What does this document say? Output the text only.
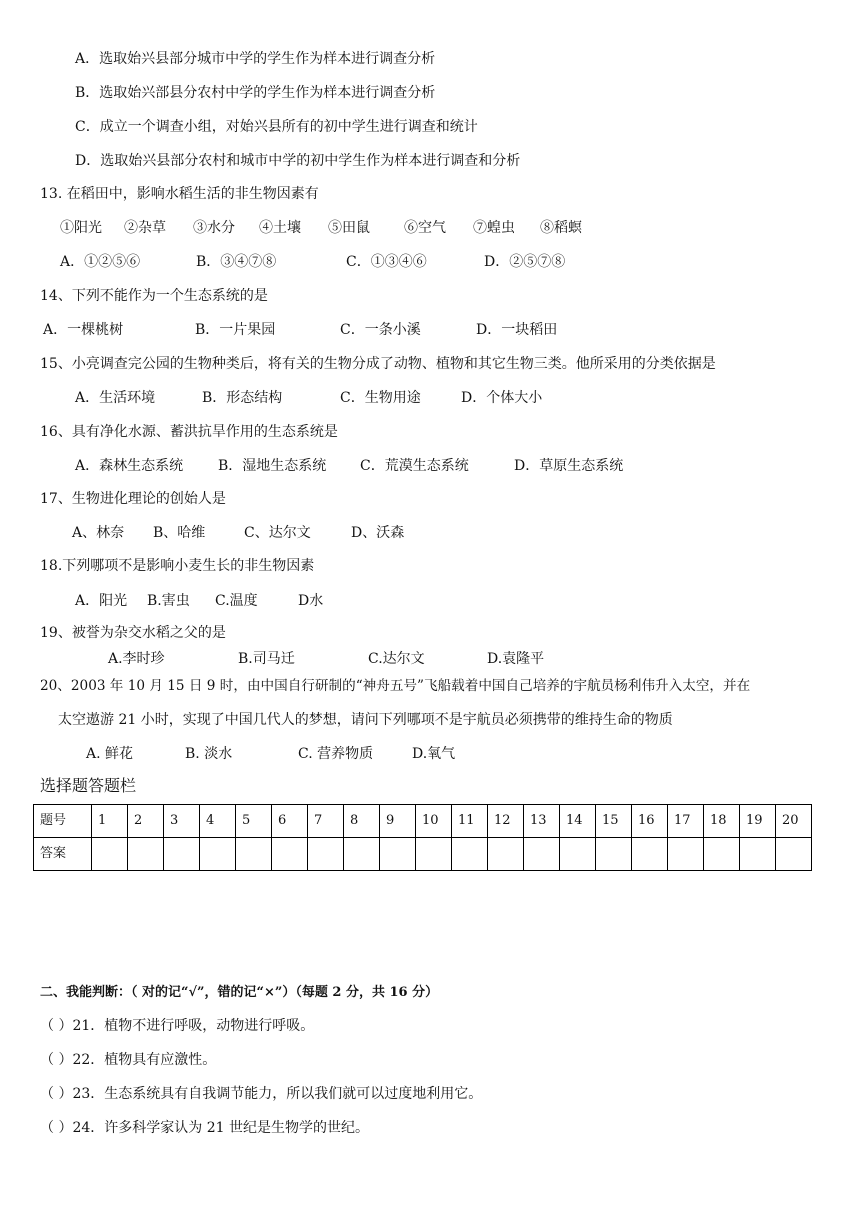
A．选取始兴县部分城市中学的学生作为样本进行调查分析
B．选取始兴部县分农村中学的学生作为样本进行调查分析
C．成立一个调查小组，对始兴县所有的初中学生进行调查和统计
D．选取始兴县部分农村和城市中学的初中学生作为样本进行调查和分析
13. 在稻田中，影响水稻生活的非生物因素有
①阳光 ②杂草 ③水分 ④土壤 ⑤田鼠 ⑥空气 ⑦蝗虫 ⑧稻螟
A．①②⑤⑥	B．③④⑦⑧	C．①③④⑥	D．②⑤⑦⑧
14、下列不能作为一个生态系统的是
A．一棵桃树	B．一片果园	C．一条小溪	D．一块稻田
15、小亮调查完公园的生物种类后，将有关的生物分成了动物、植物和其它生物三类。他所采用的分类依据是
A．生活环境	B．形态结构	C．生物用途	D．个体大小
16、具有净化水源、蓄洪抗旱作用的生态系统是
A．森林生态系统 B．湿地生态系统 C．荒漠生态系统	D．草原生态系统
17、生物进化理论的创始人是
A、林奈 B、哈维	C、达尔文	D、沃森
18.下列哪项不是影响小麦生长的非生物因素
A．阳光 B.害虫 C.温度	D水
19、被誉为杂交水稻之父的是
A.李时珍	B.司马迁	C.达尔文	D.袁隆平
20、2003 年 10 月 15 日 9 时，由中国自行研制的“神舟五号”飞船载着中国自己培养的宇航员杨利伟升入太空，并在
太空遨游 21 小时，实现了中国几代人的梦想，请问下列哪项不是宇航员必须携带的维持生命的物质
A. 鲜花	B. 淡水	C. 营养物质	D.氧气
选择题答题栏
题号	1	2	3	4	5	6	7	8	9	10	11	12	13	14	15	16	17	18	19	20
答案																				
二、我能判断：（ 对的记“√”，错的记“×”）（每题 2 分，共 16 分）
（ ）21．植物不进行呼吸，动物进行呼吸。
（ ）22．植物具有应激性。
（ ）23．生态系统具有自我调节能力，所以我们就可以过度地利用它。
（ ）24．许多科学家认为 21 世纪是生物学的世纪。
